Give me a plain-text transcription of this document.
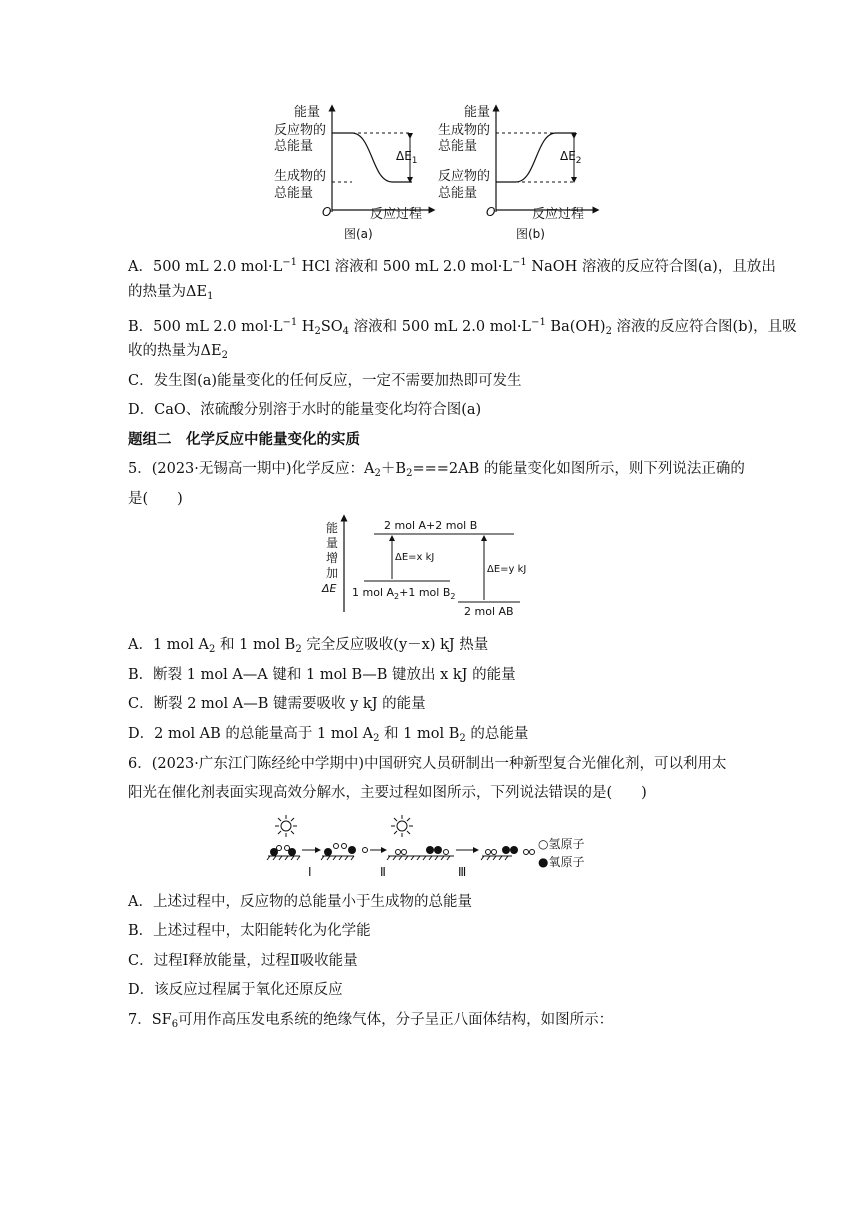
能量
反应物的
总能量
生成物的
总能量
$\Delta E_1$
O	反应过程
图(a)
能量
生成物的
总能量
反应物的
总能量
$\Delta E_2$
O	反应过程
图(b)
A．500 mL 2.0 $mol\cdot L^{-1}$ HCl 溶液和 500 mL 2.0 $mol\cdot L^{-1}$ NaOH 溶液的反应符合图(a)，且放出
的热量为$\Delta E_1$
B．500 mL 2.0 $mol\cdot L^{-1}$ $H_2SO_4$ 溶液和 500 mL 2.0 $mol\cdot L^{-1}$ $Ba(OH)_2$ 溶液的反应符合图(b)，且吸
收的热量为$\Delta E_2$
C．发生图(a)能量变化的任何反应，一定不需要加热即可发生
D．CaO、浓硫酸分别溶于水时的能量变化均符合图(a)
题组二　化学反应中能量变化的实质
5．(2023·无锡高一期中)化学反应：$A_2+B_2===2AB$ 的能量变化如图所示，则下列说法正确的
是(　　)
能
量
增
加
ΔE
2 mol A+2 mol B
1 mol $A_2+1$ mol $B_2$
2 mol AB
ΔE=x kJ
ΔE=y kJ
A．1 mol $A_2$ 和 1 mol $B_2$ 完全反应吸收(y－x) kJ 热量
B．断裂 1 mol A—A 键和 1 mol B—B 键放出 x kJ 的能量
C．断裂 2 mol A—B 键需要吸收 y kJ 的能量
D．2 mol AB 的总能量高于 1 mol $A_2$ 和 1 mol $B_2$ 的总能量
6．(2023·广东江门陈经纶中学期中)中国研究人员研制出一种新型复合光催化剂，可以利用太
阳光在催化剂表面实现高效分解水，主要过程如图所示，下列说法错误的是(　　)
○氢原子
●氧原子
Ⅰ	Ⅱ	Ⅲ
A．上述过程中，反应物的总能量小于生成物的总能量
B．上述过程中，太阳能转化为化学能
C．过程Ⅰ释放能量，过程Ⅱ吸收能量
D．该反应过程属于氧化还原反应
7．$SF_6$可用作高压发电系统的绝缘气体，分子呈正八面体结构，如图所示：
